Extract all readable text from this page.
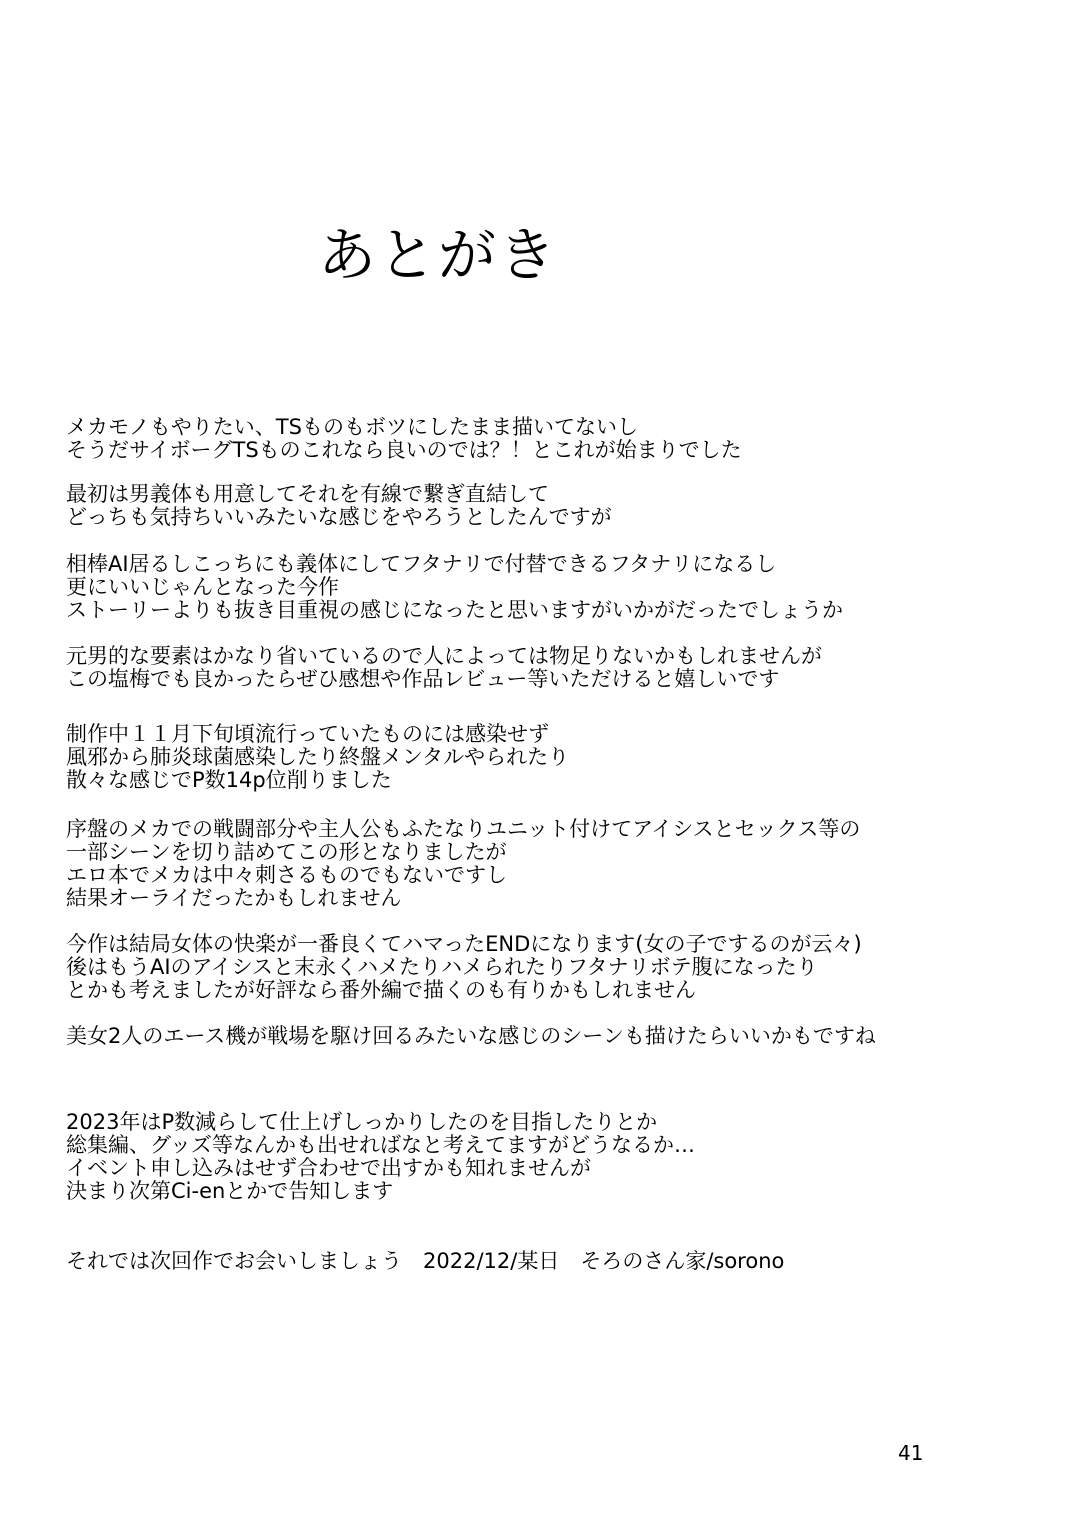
あとがき
メカモノもやりたい、TSものもボツにしたまま描いてないし
そうだサイボーグTSものこれなら良いのでは？！とこれが始まりでした
最初は男義体も用意してそれを有線で繋ぎ直結して
どっちも気持ちいいみたいな感じをやろうとしたんですが
相棒AI居るしこっちにも義体にしてフタナリで付替できるフタナリになるし
更にいいじゃんとなった今作
ストーリーよりも抜き目重視の感じになったと思いますがいかがだったでしょうか
元男的な要素はかなり省いているので人によっては物足りないかもしれませんが
この塩梅でも良かったらぜひ感想や作品レビュー等いただけると嬉しいです
制作中１１月下旬頃流行っていたものには感染せず
風邪から肺炎球菌感染したり終盤メンタルやられたり
散々な感じでP数14p位削りました
序盤のメカでの戦闘部分や主人公もふたなりユニット付けてアイシスとセックス等の
一部シーンを切り詰めてこの形となりましたが
エロ本でメカは中々刺さるものでもないですし
結果オーライだったかもしれません
今作は結局女体の快楽が一番良くてハマったENDになります(女の子でするのが云々)
後はもうAIのアイシスと末永くハメたりハメられたりフタナリボテ腹になったり
とかも考えましたが好評なら番外編で描くのも有りかもしれません
美女2人のエース機が戦場を駆け回るみたいな感じのシーンも描けたらいいかもですね
2023年はP数減らして仕上げしっかりしたのを目指したりとか
総集編、グッズ等なんかも出せればなと考えてますがどうなるか…
イベント申し込みはせず合わせで出すかも知れませんが
決まり次第Ci-enとかで告知します
それでは次回作でお会いしましょう　2022/12/某日　そろのさん家/sorono
41
